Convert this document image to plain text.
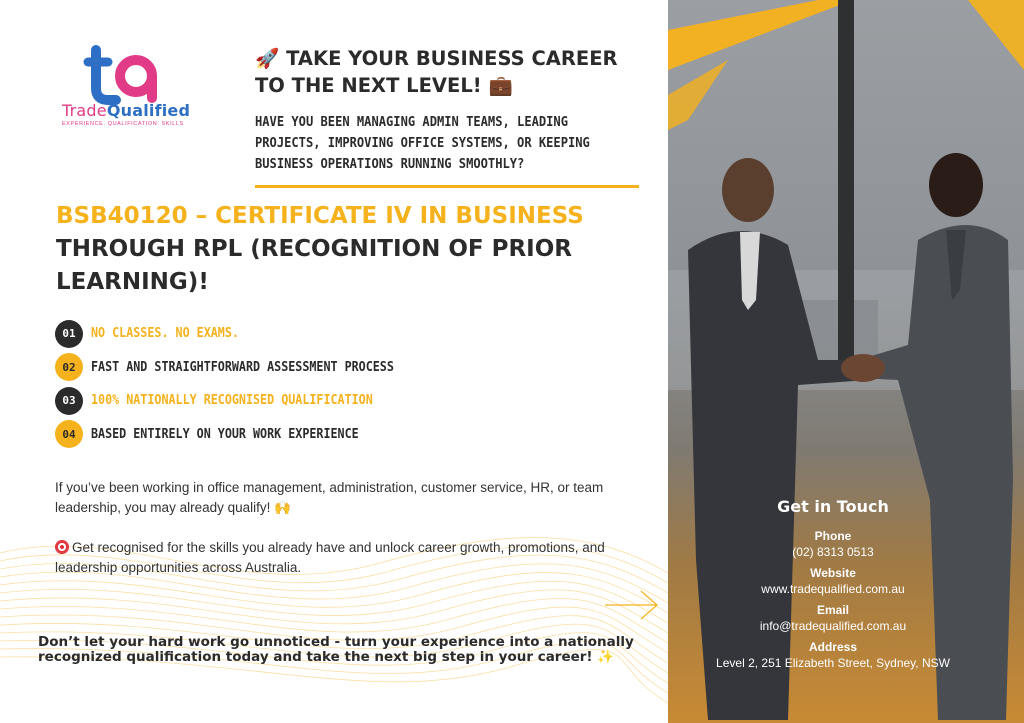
TradeQualified
EXPERIENCE. QUALIFICATION. SKILLS
🚀 TAKE YOUR BUSINESS CAREER TO THE NEXT LEVEL! 💼
HAVE YOU BEEN MANAGING ADMIN TEAMS, LEADING PROJECTS, IMPROVING OFFICE SYSTEMS, OR KEEPING BUSINESS OPERATIONS RUNNING SMOOTHLY?
BSB40120 – CERTIFICATE IV IN BUSINESS
THROUGH RPL (RECOGNITION OF PRIOR LEARNING)!
01	NO CLASSES. NO EXAMS.
02	FAST AND STRAIGHTFORWARD ASSESSMENT PROCESS
03	100% NATIONALLY RECOGNISED QUALIFICATION
04	BASED ENTIRELY ON YOUR WORK EXPERIENCE
If you’ve been working in office management, administration, customer service, HR, or team leadership, you may already qualify! 🙌
Get recognised for the skills you already have and unlock career growth, promotions, and leadership opportunities across Australia.
Don’t let your hard work go unnoticed - turn your experience into a nationally recognized qualification today and take the next big step in your career! ✨
Get in Touch
Phone
(02) 8313 0513
Website
www.tradequalified.com.au
Email
info@tradequalified.com.au
Address
Level 2, 251 Elizabeth Street, Sydney, NSW
